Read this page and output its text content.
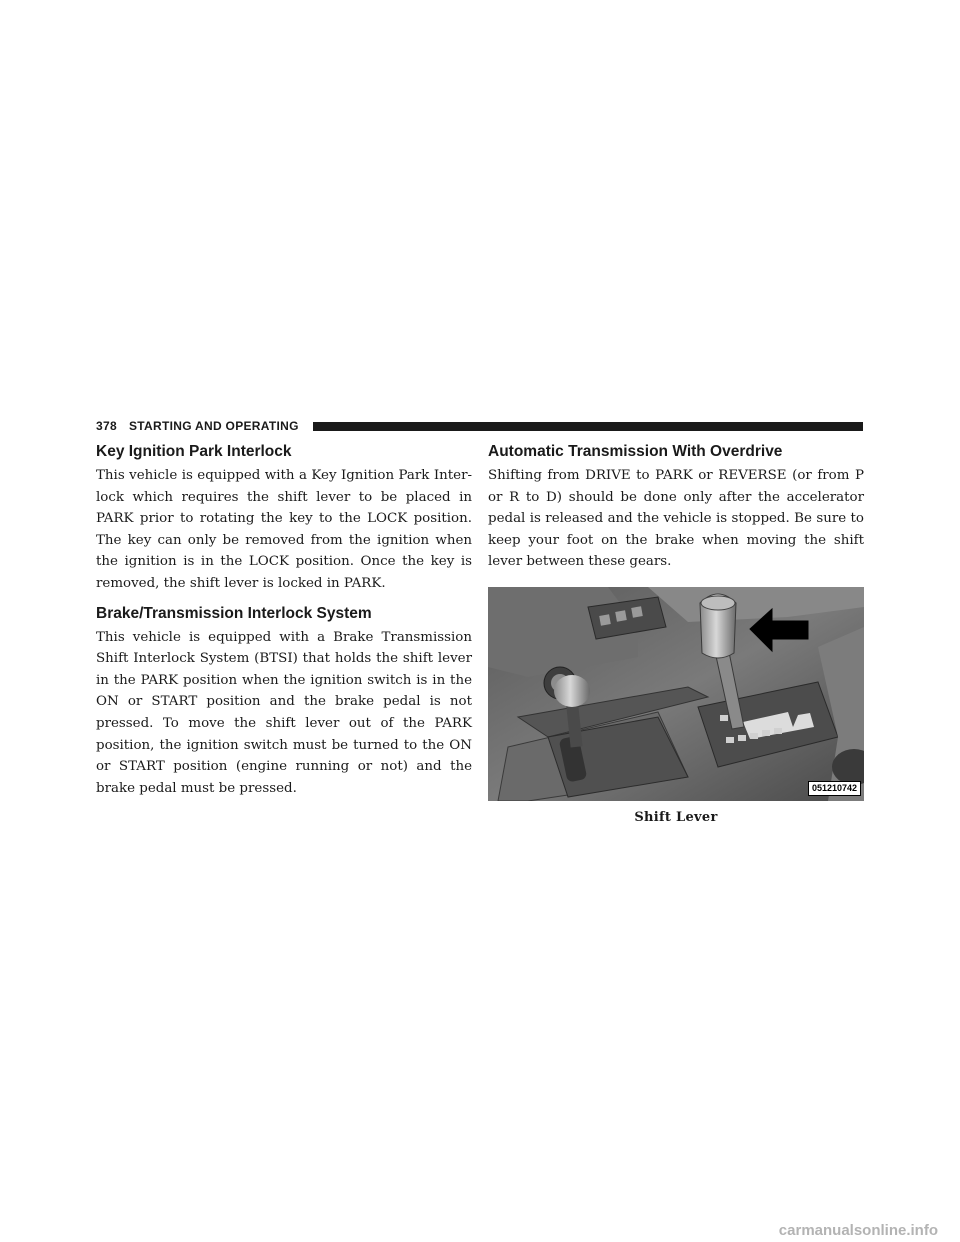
378 STARTING AND OPERATING
Key Ignition Park Interlock

This vehicle is equipped with a Key Ignition Park Inter-lock which requires the shift lever to be placed in PARK prior to rotating the key to the LOCK position. The key can only be removed from the ignition when the ignition is in the LOCK position. Once the key is removed, the shift lever is locked in PARK.

Brake/Transmission Interlock System

This vehicle is equipped with a Brake Transmission Shift Interlock System (BTSI) that holds the shift lever in the PARK position when the ignition switch is in the ON or START position and the brake pedal is not pressed. To move the shift lever out of the PARK position, the ignition switch must be turned to the ON or START position (engine running or not) and the brake pedal must be pressed.

Automatic Transmission With Overdrive

Shifting from DRIVE to PARK or REVERSE (or from P or R to D) should be done only after the accelerator pedal is released and the vehicle is stopped. Be sure to keep your foot on the brake when moving the shift lever between these gears.

051210742
Shift Lever
carmanualsonline.info
